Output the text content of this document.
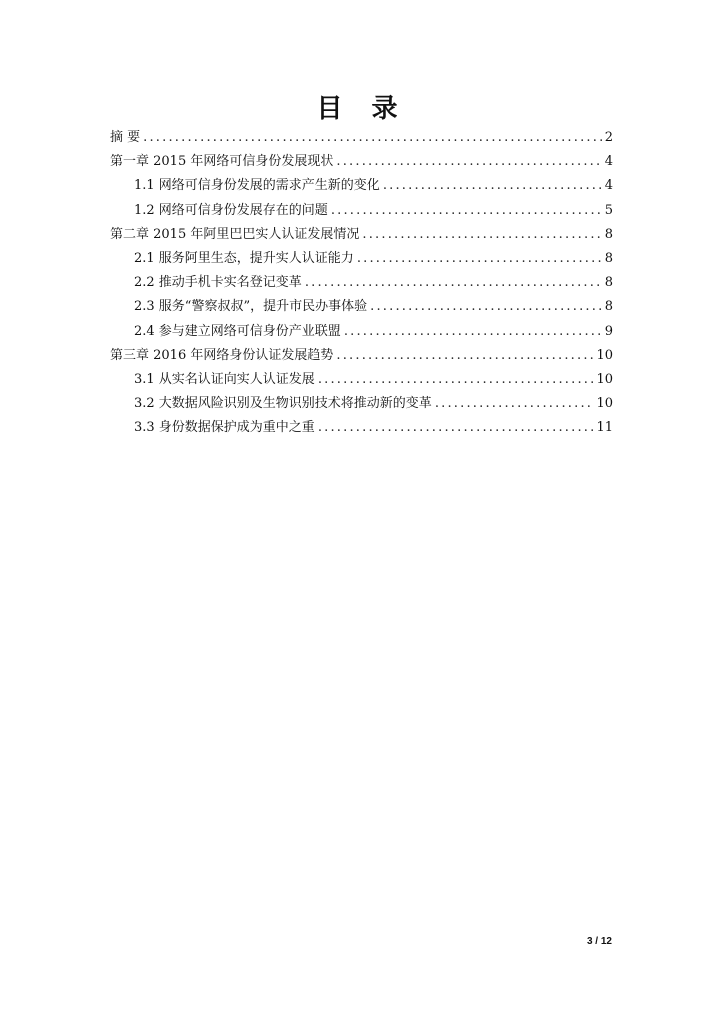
目 录
摘 要 .....	2
第一章 2015 年网络可信身份发展现状 .....	4
1.1 网络可信身份发展的需求产生新的变化 .....	4
1.2 网络可信身份发展存在的问题 .....	5
第二章 2015 年阿里巴巴实人认证发展情况 .....	8
2.1 服务阿里生态，提升实人认证能力 .....	8
2.2 推动手机卡实名登记变革 .....	8
2.3 服务“警察叔叔”，提升市民办事体验 .....	8
2.4 参与建立网络可信身份产业联盟 .....	9
第三章 2016 年网络身份认证发展趋势 .....	10
3.1 从实名认证向实人认证发展 .....	10
3.2 大数据风险识别及生物识别技术将推动新的变革 .....	10
3.3 身份数据保护成为重中之重 .....	11
3 / 12
